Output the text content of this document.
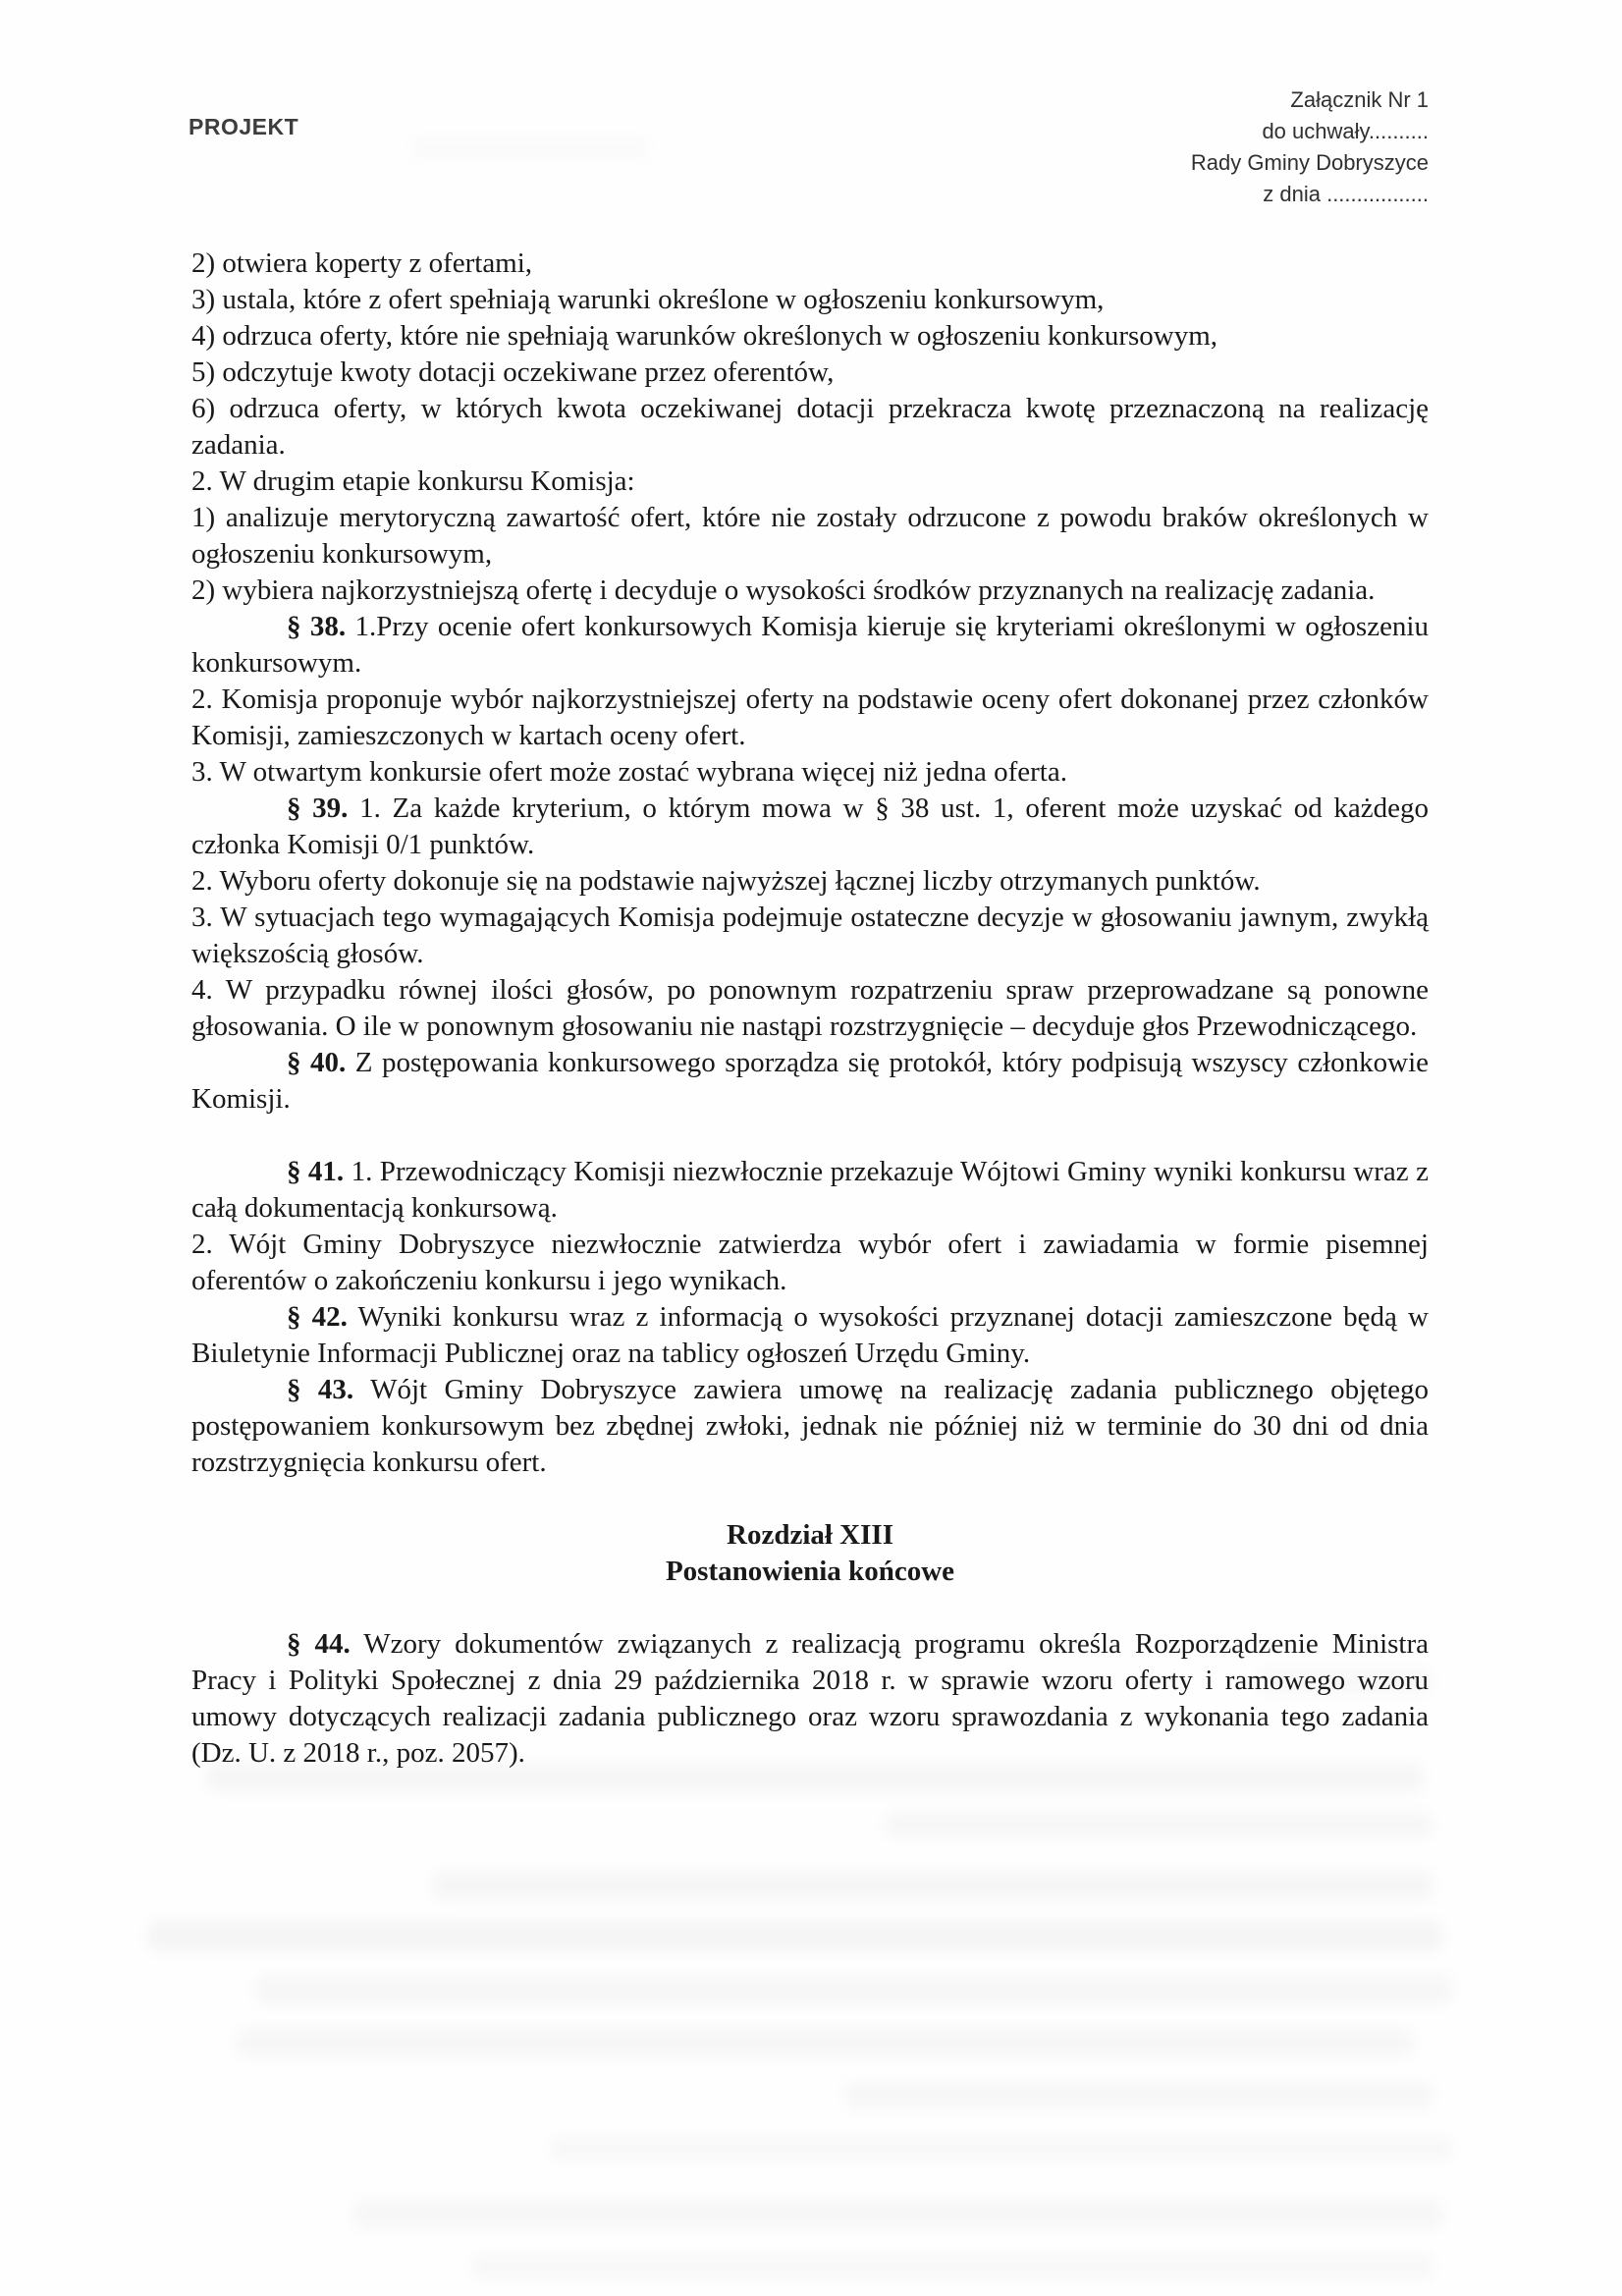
PROJEKT
Załącznik Nr 1
do uchwały..........
Rady Gminy Dobryszyce
z dnia .................

2) otwiera koperty z ofertami,

3) ustala, które z ofert spełniają warunki określone w ogłoszeniu konkursowym,

4) odrzuca oferty, które nie spełniają warunków określonych w ogłoszeniu konkursowym,

5) odczytuje kwoty dotacji oczekiwane przez oferentów,

6) odrzuca oferty, w których kwota oczekiwanej dotacji przekracza kwotę przeznaczoną na realizację zadania.

2. W drugim etapie konkursu Komisja:

1) analizuje merytoryczną zawartość ofert, które nie zostały odrzucone z powodu braków określonych w ogłoszeniu konkursowym,

2) wybiera najkorzystniejszą ofertę i decyduje o wysokości środków przyznanych na realizację zadania.

§ 38. 1.Przy ocenie ofert konkursowych Komisja kieruje się kryteriami określonymi w ogłoszeniu konkursowym.

2. Komisja proponuje wybór najkorzystniejszej oferty na podstawie oceny ofert dokonanej przez członków Komisji, zamieszczonych w kartach oceny ofert.

3. W otwartym konkursie ofert może zostać wybrana więcej niż jedna oferta.

§ 39. 1. Za każde kryterium, o którym mowa w § 38 ust. 1, oferent może uzyskać od każdego członka Komisji 0/1 punktów.

2. Wyboru oferty dokonuje się na podstawie najwyższej łącznej liczby otrzymanych punktów.

3. W sytuacjach tego wymagających Komisja podejmuje ostateczne decyzje w głosowaniu jawnym, zwykłą większością głosów.

4. W przypadku równej ilości głosów, po ponownym rozpatrzeniu spraw przeprowadzane są ponowne głosowania. O ile w ponownym głosowaniu nie nastąpi rozstrzygnięcie – decyduje głos Przewodniczącego.

§ 40. Z postępowania konkursowego sporządza się protokół, który podpisują wszyscy członkowie Komisji.

§ 41. 1. Przewodniczący Komisji niezwłocznie przekazuje Wójtowi Gminy wyniki konkursu wraz z całą dokumentacją konkursową.

2. Wójt Gminy Dobryszyce niezwłocznie zatwierdza wybór ofert i zawiadamia w formie pisemnej oferentów o zakończeniu konkursu i jego wynikach.

§ 42. Wyniki konkursu wraz z informacją o wysokości przyznanej dotacji zamieszczone będą w Biuletynie Informacji Publicznej oraz na tablicy ogłoszeń Urzędu Gminy.

§ 43. Wójt Gminy Dobryszyce zawiera umowę na realizację zadania publicznego objętego postępowaniem konkursowym bez zbędnej zwłoki, jednak nie później niż w terminie do 30 dni od dnia rozstrzygnięcia konkursu ofert.

Rozdział XIII

Postanowienia końcowe

§ 44. Wzory dokumentów związanych z realizacją programu określa Rozporządzenie Ministra Pracy i Polityki Społecznej z dnia 29 października 2018 r. w sprawie wzoru oferty i ramowego wzoru umowy dotyczących realizacji zadania publicznego oraz wzoru sprawozdania z wykonania tego zadania (Dz. U. z 2018 r., poz. 2057).
